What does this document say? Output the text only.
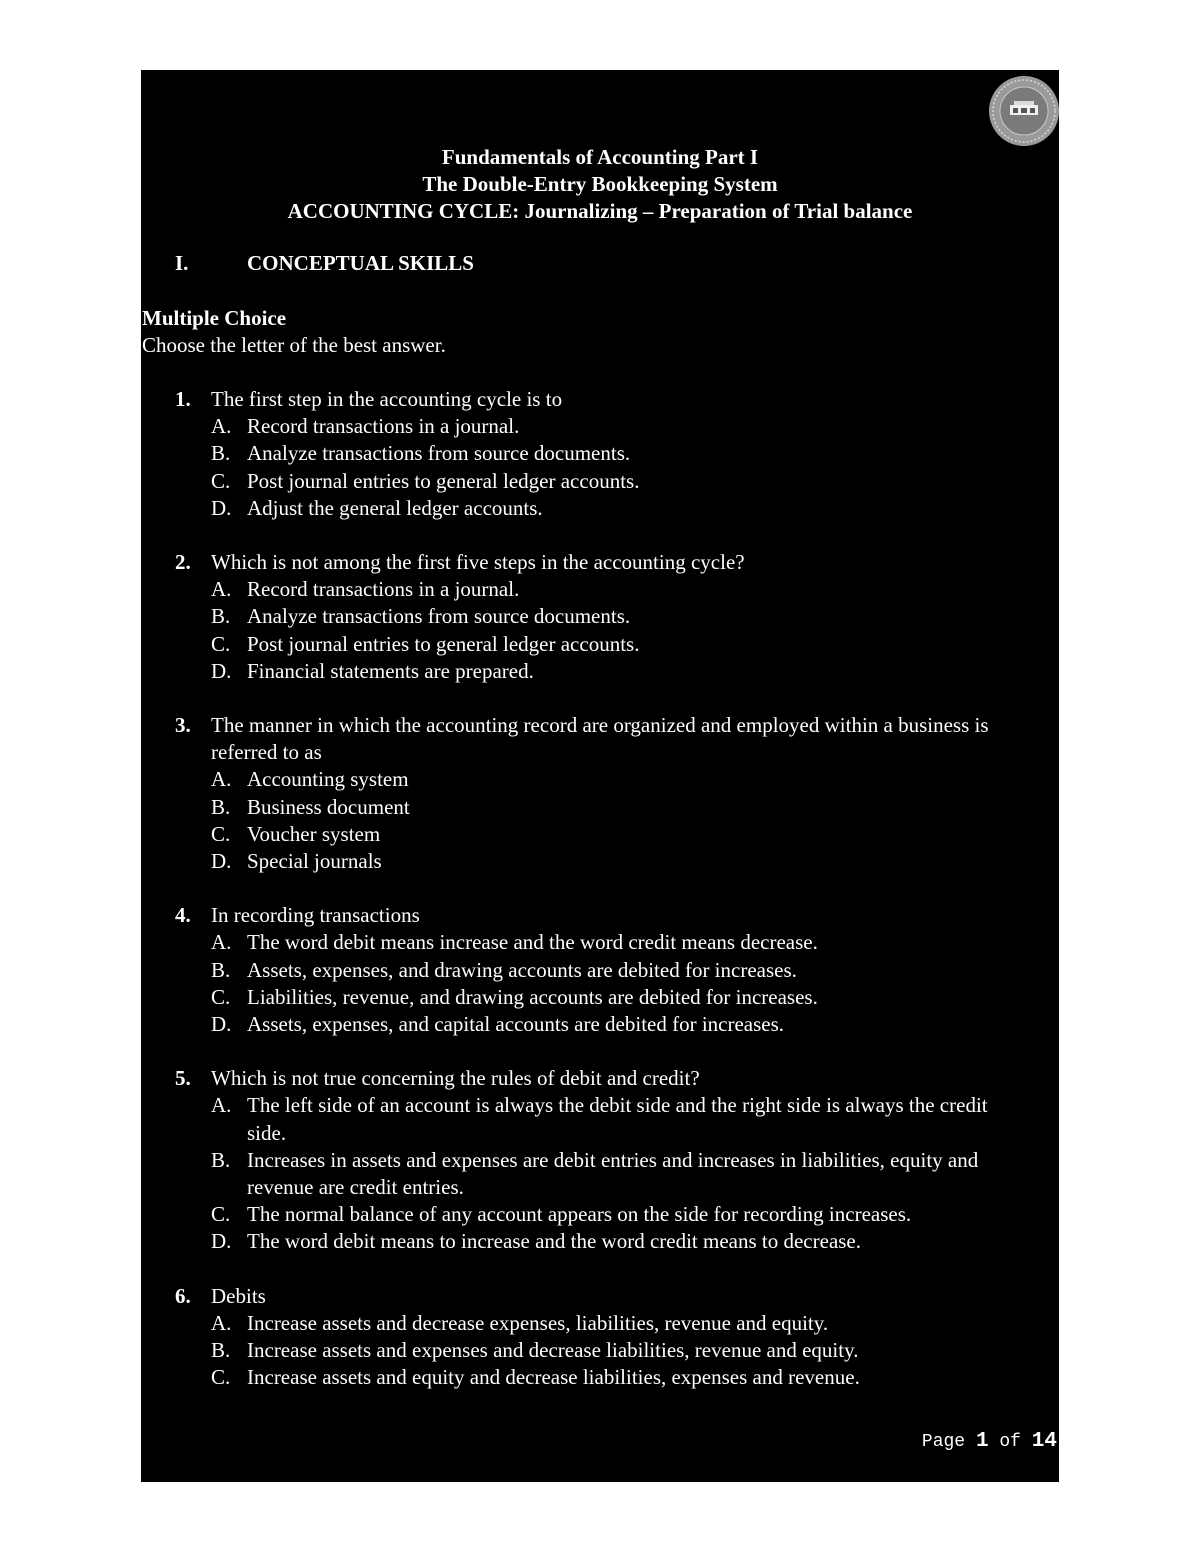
Fundamentals of Accounting Part I
The Double-Entry Bookkeeping System
ACCOUNTING CYCLE: Journalizing – Preparation of Trial balance
I.	CONCEPTUAL SKILLS
Multiple Choice
Choose the letter of the best answer.
1. The first step in the accounting cycle is to
A. Record transactions in a journal.
B. Analyze transactions from source documents.
C. Post journal entries to general ledger accounts.
D. Adjust the general ledger accounts.
2. Which is not among the first five steps in the accounting cycle?
A. Record transactions in a journal.
B. Analyze transactions from source documents.
C. Post journal entries to general ledger accounts.
D. Financial statements are prepared.
3. The manner in which the accounting record are organized and employed within a business is referred to as
A. Accounting system
B. Business document
C. Voucher system
D. Special journals
4. In recording transactions
A. The word debit means increase and the word credit means decrease.
B. Assets, expenses, and drawing accounts are debited for increases.
C. Liabilities, revenue, and drawing accounts are debited for increases.
D. Assets, expenses, and capital accounts are debited for increases.
5. Which is not true concerning the rules of debit and credit?
A. The left side of an account is always the debit side and the right side is always the credit side.
B. Increases in assets and expenses are debit entries and increases in liabilities, equity and revenue are credit entries.
C. The normal balance of any account appears on the side for recording increases.
D. The word debit means to increase and the word credit means to decrease.
6. Debits
A. Increase assets and decrease expenses, liabilities, revenue and equity.
B. Increase assets and expenses and decrease liabilities, revenue and equity.
C. Increase assets and equity and decrease liabilities, expenses and revenue.
Page 1 of 14
